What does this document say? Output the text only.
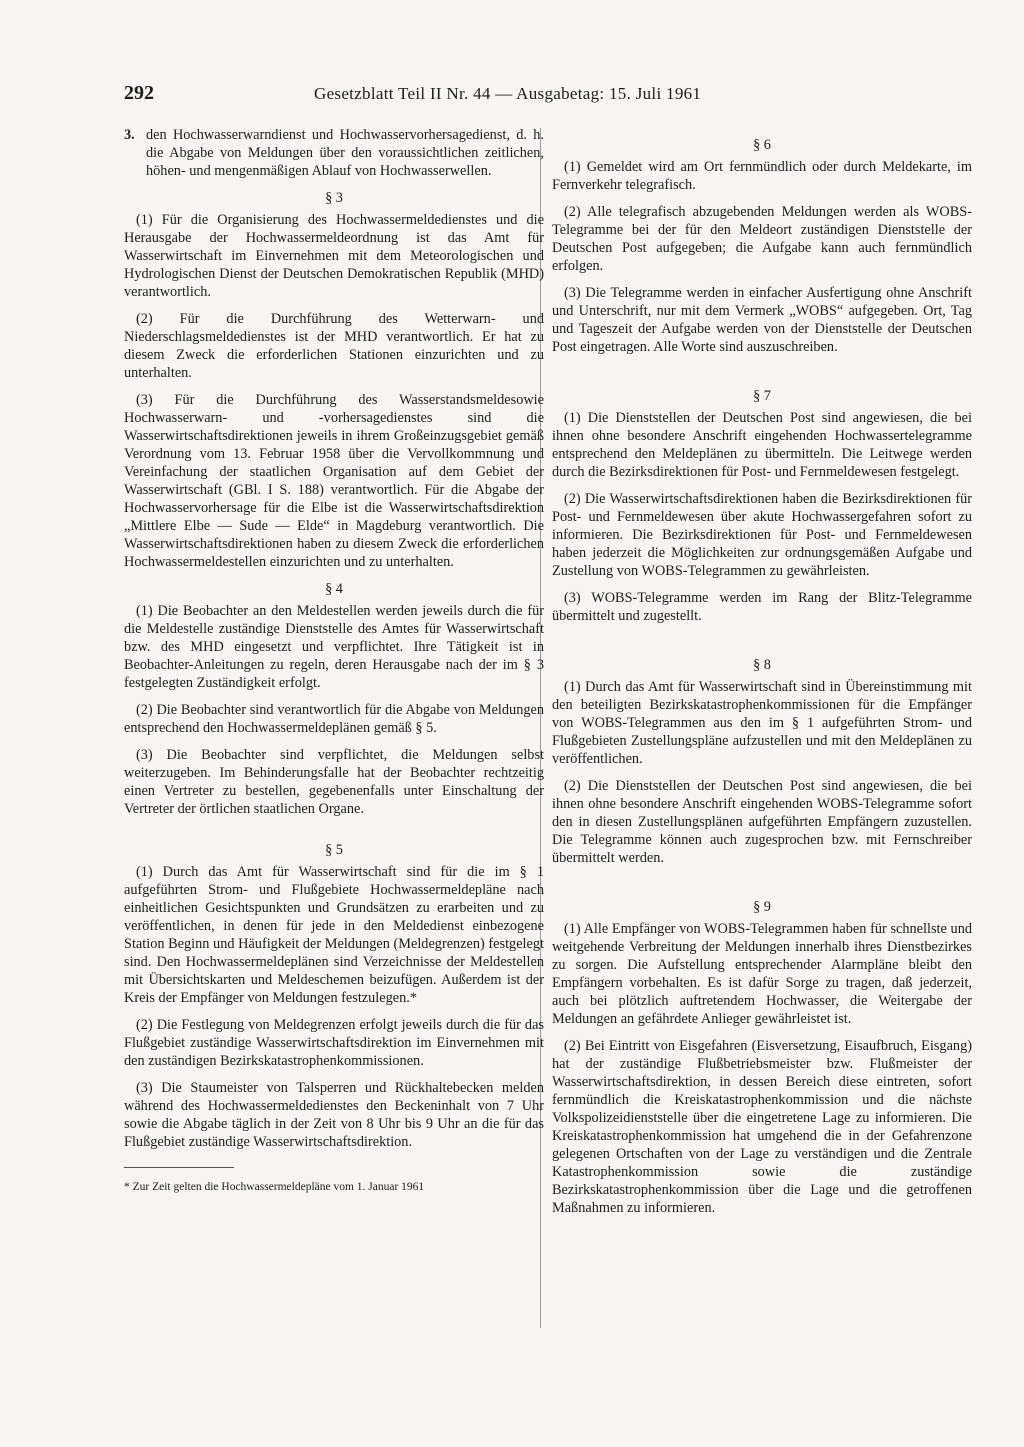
292	Gesetzblatt Teil II Nr. 44 — Ausgabetag: 15. Juli 1961
3. den Hochwasserwarndienst und Hochwasservorhersagedienst, d. h. die Abgabe von Meldungen über den voraussichtlichen zeitlichen, höhen- und mengenmäßigen Ablauf von Hochwasserwellen.
§ 3

(1) Für die Organisierung des Hochwassermeldedienstes und die Herausgabe der Hochwassermeldeordnung ist das Amt für Wasserwirtschaft im Einvernehmen mit dem Meteorologischen und Hydrologischen Dienst der Deutschen Demokratischen Republik (MHD) verantwortlich.

(2) Für die Durchführung des Wetterwarn- und Niederschlagsmeldedienstes ist der MHD verantwortlich. Er hat zu diesem Zweck die erforderlichen Stationen einzurichten und zu unterhalten.

(3) Für die Durchführung des Wasserstandsmeldesowie Hochwasserwarn- und -vorhersagedienstes sind die Wasserwirtschaftsdirektionen jeweils in ihrem Großeinzugsgebiet gemäß Verordnung vom 13. Februar 1958 über die Vervollkommnung und Vereinfachung der staatlichen Organisation auf dem Gebiet der Wasserwirtschaft (GBl. I S. 188) verantwortlich. Für die Abgabe der Hochwasservorhersage für die Elbe ist die Wasserwirtschaftsdirektion „Mittlere Elbe — Sude — Elde“ in Magdeburg verantwortlich. Die Wasserwirtschaftsdirektionen haben zu diesem Zweck die erforderlichen Hochwassermeldestellen einzurichten und zu unterhalten.

§ 4

(1) Die Beobachter an den Meldestellen werden jeweils durch die für die Meldestelle zuständige Dienststelle des Amtes für Wasserwirtschaft bzw. des MHD eingesetzt und verpflichtet. Ihre Tätigkeit ist in Beobachter-Anleitungen zu regeln, deren Herausgabe nach der im § 3 festgelegten Zuständigkeit erfolgt.

(2) Die Beobachter sind verantwortlich für die Abgabe von Meldungen entsprechend den Hochwassermeldeplänen gemäß § 5.

(3) Die Beobachter sind verpflichtet, die Meldungen selbst weiterzugeben. Im Behinderungsfalle hat der Beobachter rechtzeitig einen Vertreter zu bestellen, gegebenenfalls unter Einschaltung der Vertreter der örtlichen staatlichen Organe.

§ 5

(1) Durch das Amt für Wasserwirtschaft sind für die im § 1 aufgeführten Strom- und Flußgebiete Hochwassermeldepläne nach einheitlichen Gesichtspunkten und Grundsätzen zu erarbeiten und zu veröffentlichen, in denen für jede in den Meldedienst einbezogene Station Beginn und Häufigkeit der Meldungen (Meldegrenzen) festgelegt sind. Den Hochwassermeldeplänen sind Verzeichnisse der Meldestellen mit Übersichtskarten und Meldeschemen beizufügen. Außerdem ist der Kreis der Empfänger von Meldungen festzulegen.*

(2) Die Festlegung von Meldegrenzen erfolgt jeweils durch die für das Flußgebiet zuständige Wasserwirtschaftsdirektion im Einvernehmen mit den zuständigen Bezirkskatastrophenkommissionen.

(3) Die Staumeister von Talsperren und Rückhaltebecken melden während des Hochwassermeldedienstes den Beckeninhalt von 7 Uhr sowie die Abgabe täglich in der Zeit von 8 Uhr bis 9 Uhr an die für das Flußgebiet zuständige Wasserwirtschaftsdirektion.

* Zur Zeit gelten die Hochwassermeldepläne vom 1. Januar 1961
§ 6

(1) Gemeldet wird am Ort fernmündlich oder durch Meldekarte, im Fernverkehr telegrafisch.

(2) Alle telegrafisch abzugebenden Meldungen werden als WOBS-Telegramme bei der für den Meldeort zuständigen Dienststelle der Deutschen Post aufgegeben; die Aufgabe kann auch fernmündlich erfolgen.

(3) Die Telegramme werden in einfacher Ausfertigung ohne Anschrift und Unterschrift, nur mit dem Vermerk „WOBS“ aufgegeben. Ort, Tag und Tageszeit der Aufgabe werden von der Dienststelle der Deutschen Post eingetragen. Alle Worte sind auszuschreiben.

§ 7

(1) Die Dienststellen der Deutschen Post sind angewiesen, die bei ihnen ohne besondere Anschrift eingehenden Hochwassertelegramme entsprechend den Meldeplänen zu übermitteln. Die Leitwege werden durch die Bezirksdirektionen für Post- und Fernmeldewesen festgelegt.

(2) Die Wasserwirtschaftsdirektionen haben die Bezirksdirektionen für Post- und Fernmeldewesen über akute Hochwassergefahren sofort zu informieren. Die Bezirksdirektionen für Post- und Fernmeldewesen haben jederzeit die Möglichkeiten zur ordnungsgemäßen Aufgabe und Zustellung von WOBS-Telegrammen zu gewährleisten.

(3) WOBS-Telegramme werden im Rang der Blitz-Telegramme übermittelt und zugestellt.

§ 8

(1) Durch das Amt für Wasserwirtschaft sind in Übereinstimmung mit den beteiligten Bezirkskatastrophenkommissionen für die Empfänger von WOBS-Telegrammen aus den im § 1 aufgeführten Strom- und Flußgebieten Zustellungspläne aufzustellen und mit den Meldeplänen zu veröffentlichen.

(2) Die Dienststellen der Deutschen Post sind angewiesen, die bei ihnen ohne besondere Anschrift eingehenden WOBS-Telegramme sofort den in diesen Zustellungsplänen aufgeführten Empfängern zuzustellen. Die Telegramme können auch zugesprochen bzw. mit Fernschreiber übermittelt werden.

§ 9

(1) Alle Empfänger von WOBS-Telegrammen haben für schnellste und weitgehende Verbreitung der Meldungen innerhalb ihres Dienstbezirkes zu sorgen. Die Aufstellung entsprechender Alarmpläne bleibt den Empfängern vorbehalten. Es ist dafür Sorge zu tragen, daß jederzeit, auch bei plötzlich auftretendem Hochwasser, die Weitergabe der Meldungen an gefährdete Anlieger gewährleistet ist.

(2) Bei Eintritt von Eisgefahren (Eisversetzung, Eisaufbruch, Eisgang) hat der zuständige Flußbetriebsmeister bzw. Flußmeister der Wasserwirtschaftsdirektion, in dessen Bereich diese eintreten, sofort fernmündlich die Kreiskatastrophenkommission und die nächste Volkspolizeidienststelle über die eingetretene Lage zu informieren. Die Kreiskatastrophenkommission hat umgehend die in der Gefahrenzone gelegenen Ortschaften von der Lage zu verständigen und die Zentrale Katastrophenkommission sowie die zuständige Bezirkskatastrophenkommission über die Lage und die getroffenen Maßnahmen zu informieren.
